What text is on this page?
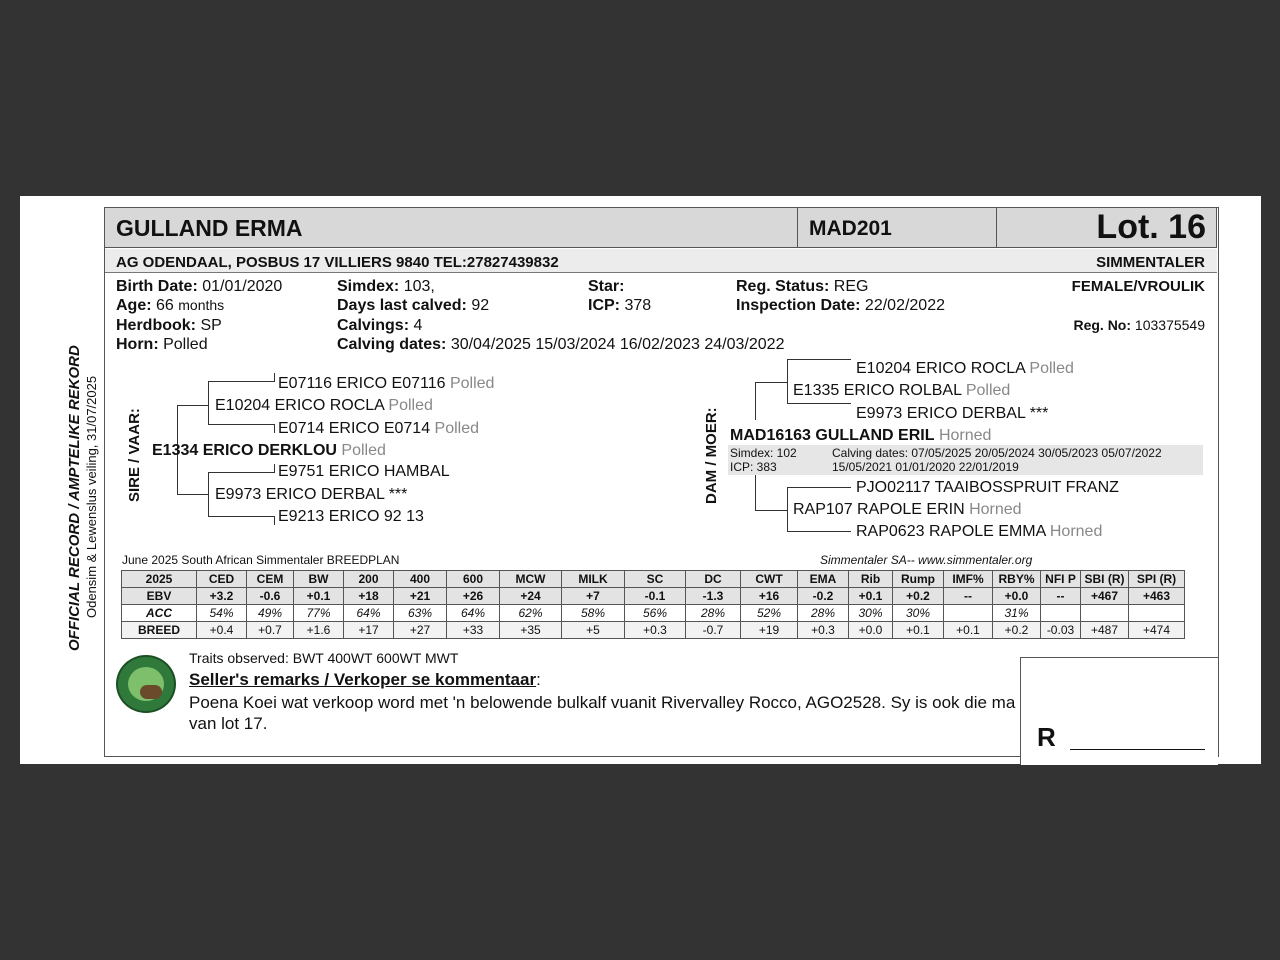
OFFICIAL RECORD / AMPTELIKE REKORD Odensim & Lewenslus veiling, 31/07/2025
GULLAND ERMA	MAD201	Lot. 16
AG ODENDAAL, POSBUS 17 VILLIERS 9840 TEL:27827439832	SIMMENTALER
Birth Date: 01/01/2020
Age: 66 months
Herdbook: SP
Horn: Polled
Simdex: 103,
Days last calved: 92
Calvings: 4
Calving dates: 30/04/2025 15/03/2024 16/02/2023 24/03/2022
Star:
ICP: 378
Reg. Status: REG
Inspection Date: 22/02/2022
FEMALE/VROULIK
Reg. No: 103375549
SIRE / VAAR:	DAM / MOER:
E07116 ERICO E07116 Polled
E10204 ERICO ROCLA Polled
E0714 ERICO E0714 Polled
E1334 ERICO DERKLOU Polled
E9751 ERICO HAMBAL
E9973 ERICO DERBAL ***
E9213 ERICO 92 13
E10204 ERICO ROCLA Polled
E1335 ERICO ROLBAL Polled
E9973 ERICO DERBAL ***
MAD16163 GULLAND ERIL Horned
Simdex: 102
ICP: 383
Calving dates: 07/05/2025 20/05/2024 30/05/2023 05/07/2022
15/05/2021 01/01/2020 22/01/2019
PJO02117 TAAIBOSSPRUIT FRANZ
RAP107 RAPOLE ERIN Horned
RAP0623 RAPOLE EMMA Horned
June 2025 South African Simmentaler BREEDPLAN	Simmentaler SA-- www.simmentaler.org
2025	CED	CEM	BW	200	400	600	MCW	MILK	SC	DC	CWT	EMA	Rib	Rump	IMF%	RBY%	NFI P	SBI (R)	SPI (R)
EBV	+3.2	-0.6	+0.1	+18	+21	+26	+24	+7	-0.1	-1.3	+16	-0.2	+0.1	+0.2	--	+0.0	--	+467	+463
ACC	54%	49%	77%	64%	63%	64%	62%	58%	56%	28%	52%	28%	30%	30%		31%			
BREED	+0.4	+0.7	+1.6	+17	+27	+33	+35	+5	+0.3	-0.7	+19	+0.3	+0.0	+0.1	+0.1	+0.2	-0.03	+487	+474
Traits observed: BWT 400WT 600WT MWT
Seller's remarks / Verkoper se kommentaar:
Poena Koei wat verkoop word met 'n belowende bulkalf vuanit Rivervalley Rocco, AGO2528. Sy is ook die ma van lot 17.	R
